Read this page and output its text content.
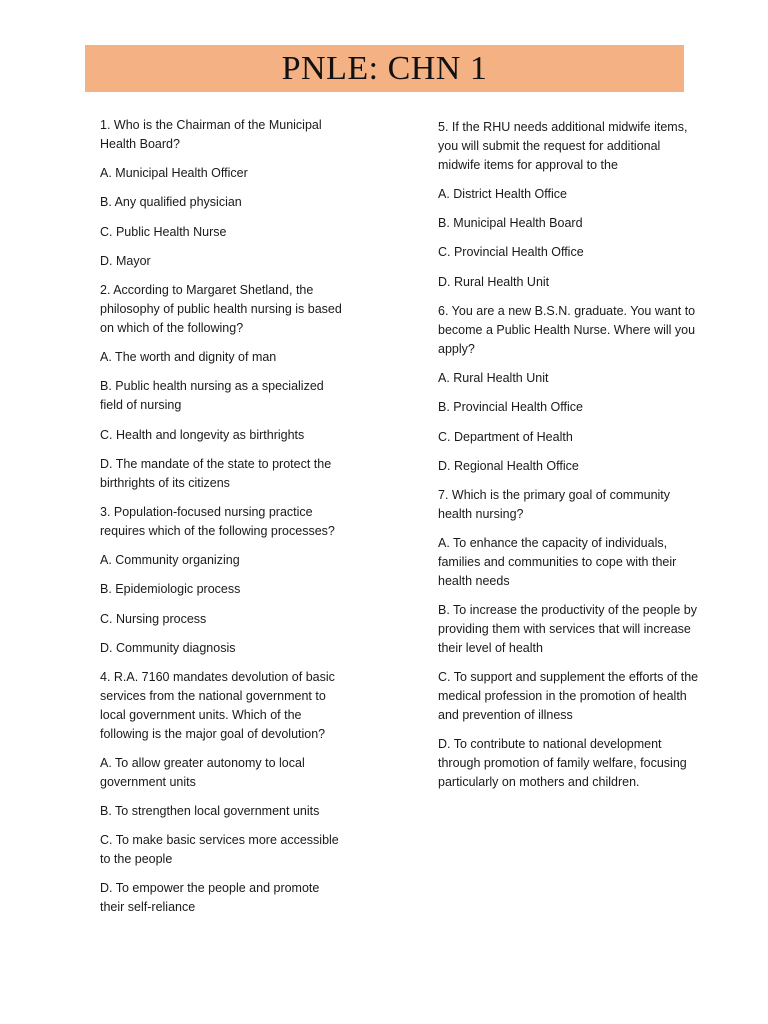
PNLE: CHN 1

1. Who is the Chairman of the Municipal Health Board?

A. Municipal Health Officer

B. Any qualified physician

C. Public Health Nurse

D. Mayor

2. According to Margaret Shetland, the philosophy of public health nursing is based on which of the following?

A. The worth and dignity of man

B. Public health nursing as a specialized field of nursing

C. Health and longevity as birthrights

D. The mandate of the state to protect the birthrights of its citizens

3. Population-focused nursing practice requires which of the following processes?

A. Community organizing

B. Epidemiologic process

C. Nursing process

D. Community diagnosis

4. R.A. 7160 mandates devolution of basic services from the national government to local government units. Which of the following is the major goal of devolution?

A. To allow greater autonomy to local government units

B. To strengthen local government units

C. To make basic services more accessible to the people

D. To empower the people and promote their self-reliance

5. If the RHU needs additional midwife items, you will submit the request for additional midwife items for approval to the

A. District Health Office

B. Municipal Health Board

C. Provincial Health Office

D. Rural Health Unit

6. You are a new B.S.N. graduate. You want to become a Public Health Nurse. Where will you apply?

A. Rural Health Unit

B. Provincial Health Office

C. Department of Health

D. Regional Health Office

7. Which is the primary goal of community health nursing?

A. To enhance the capacity of individuals, families and communities to cope with their health needs

B. To increase the productivity of the people by providing them with services that will increase their level of health

C. To support and supplement the efforts of the medical profession in the promotion of health and prevention of illness

D. To contribute to national development through promotion of family welfare, focusing particularly on mothers and children.
